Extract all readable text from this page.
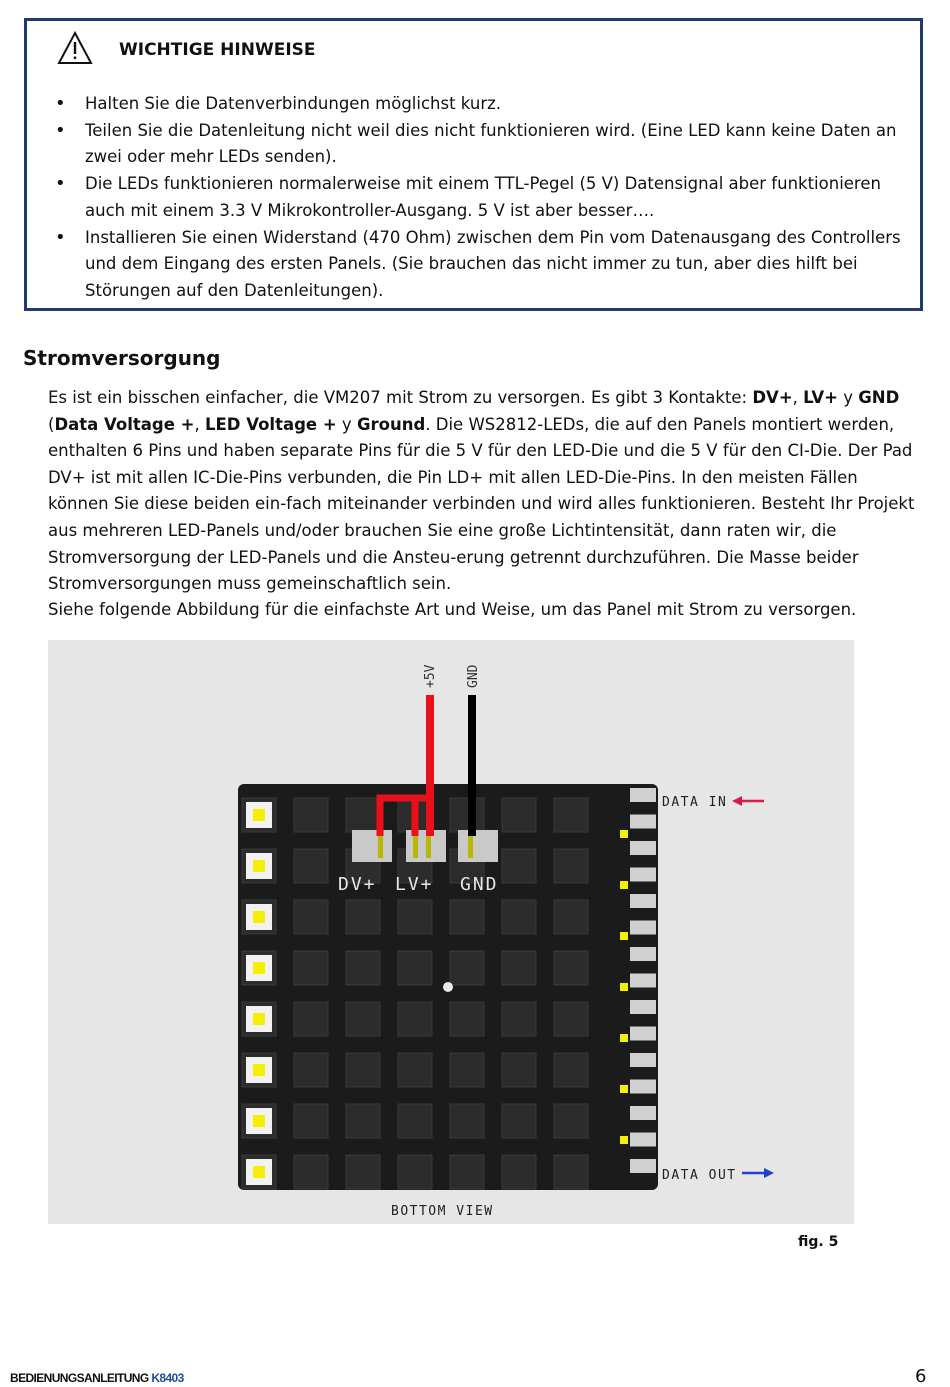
WICHTIGE HINWEISE
• Halten Sie die Datenverbindungen möglichst kurz.
• Teilen Sie die Datenleitung nicht weil dies nicht funktionieren wird. (Eine LED kann keine Daten an zwei oder mehr LEDs senden).
• Die LEDs funktionieren normalerweise mit einem TTL-Pegel (5 V) Datensignal aber funktionieren auch mit einem 3.3 V Mikrokontroller-Ausgang. 5 V ist aber besser….
• Installieren Sie einen Widerstand (470 Ohm) zwischen dem Pin vom Datenausgang des Controllers und dem Eingang des ersten Panels. (Sie brauchen das nicht immer zu tun, aber dies hilft bei Störungen auf den Datenleitungen).
Stromversorgung

Es ist ein bisschen einfacher, die VM207 mit Strom zu versorgen. Es gibt 3 Kontakte: DV+, LV+ y GND (Data Voltage +, LED Voltage + y Ground. Die WS2812-LEDs, die auf den Panels montiert werden, enthalten 6 Pins und haben separate Pins für die 5 V für den LED-Die und die 5 V für den CI-Die. Der Pad DV+ ist mit allen IC-Die-Pins verbunden, die Pin LD+ mit allen LED-Die-Pins. In den meisten Fällen können Sie diese beiden ein-fach miteinander verbinden und wird alles funktionieren. Besteht Ihr Projekt aus mehreren LED-Panels und/oder brauchen Sie eine große Lichtintensität, dann raten wir, die Stromversorgung der LED-Panels und die Ansteu-erung getrennt durchzuführen. Die Masse beider Stromversorgungen muss gemeinschaftlich sein.

Siehe folgende Abbildung für die einfachste Art und Weise, um das Panel mit Strom zu versorgen.

+5V GND
DV+ LV+ GND
DATA IN
DATA OUT
BOTTOM VIEW
fig. 5
BEDIENUNGSANLEITUNG K8403	6
